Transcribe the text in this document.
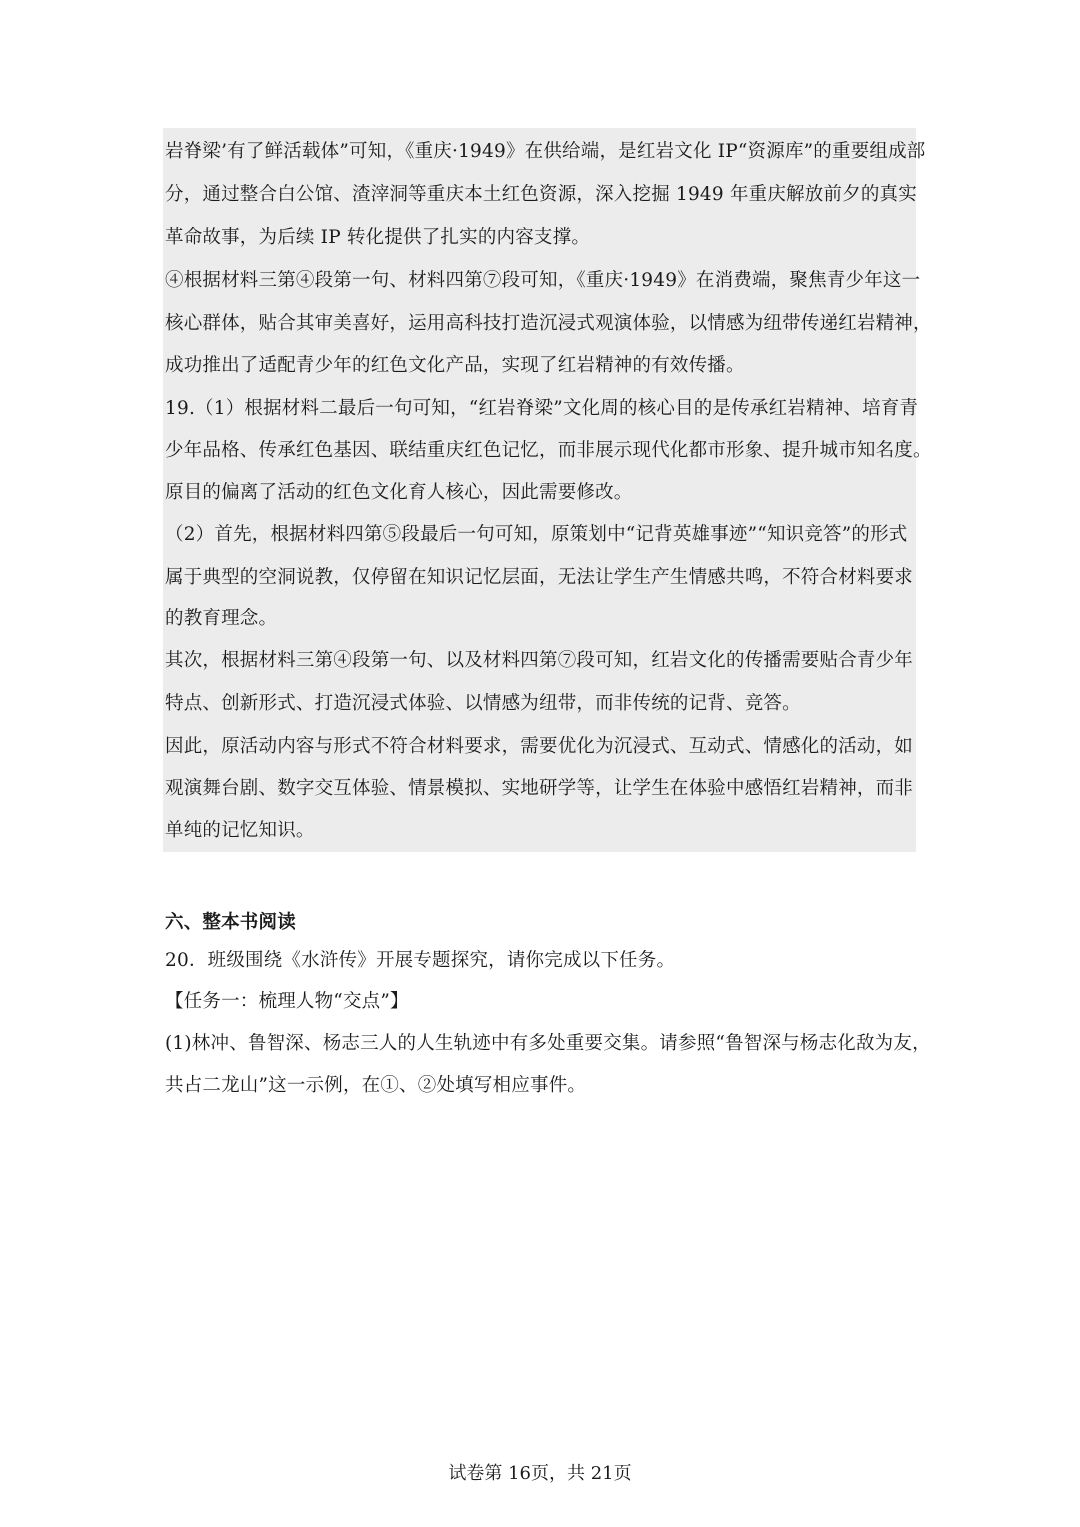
岩脊梁’有了鲜活载体”可知，《重庆·1949》在供给端，是红岩文化 IP“资源库”的重要组成部
分，通过整合白公馆、渣滓洞等重庆本土红色资源，深入挖掘 1949 年重庆解放前夕的真实
革命故事，为后续 IP 转化提供了扎实的内容支撑。
④根据材料三第④段第一句、材料四第⑦段可知，《重庆·1949》在消费端，聚焦青少年这一
核心群体，贴合其审美喜好，运用高科技打造沉浸式观演体验，以情感为纽带传递红岩精神，
成功推出了适配青少年的红色文化产品，实现了红岩精神的有效传播。
19.（1）根据材料二最后一句可知，“红岩脊梁”文化周的核心目的是传承红岩精神、培育青
少年品格、传承红色基因、联结重庆红色记忆，而非展示现代化都市形象、提升城市知名度。
原目的偏离了活动的红色文化育人核心，因此需要修改。
（2）首先，根据材料四第⑤段最后一句可知，原策划中“记背英雄事迹”“知识竞答”的形式
属于典型的空洞说教，仅停留在知识记忆层面，无法让学生产生情感共鸣，不符合材料要求
的教育理念。
其次，根据材料三第④段第一句、以及材料四第⑦段可知，红岩文化的传播需要贴合青少年
特点、创新形式、打造沉浸式体验、以情感为纽带，而非传统的记背、竞答。
因此，原活动内容与形式不符合材料要求，需要优化为沉浸式、互动式、情感化的活动，如
观演舞台剧、数字交互体验、情景模拟、实地研学等，让学生在体验中感悟红岩精神，而非
单纯的记忆知识。
六、整本书阅读
20．班级围绕《水浒传》开展专题探究，请你完成以下任务。
【任务一：梳理人物“交点”】
(1)林冲、鲁智深、杨志三人的人生轨迹中有多处重要交集。请参照“鲁智深与杨志化敌为友，
共占二龙山”这一示例，在①、②处填写相应事件。
试卷第 16页，共 21页
